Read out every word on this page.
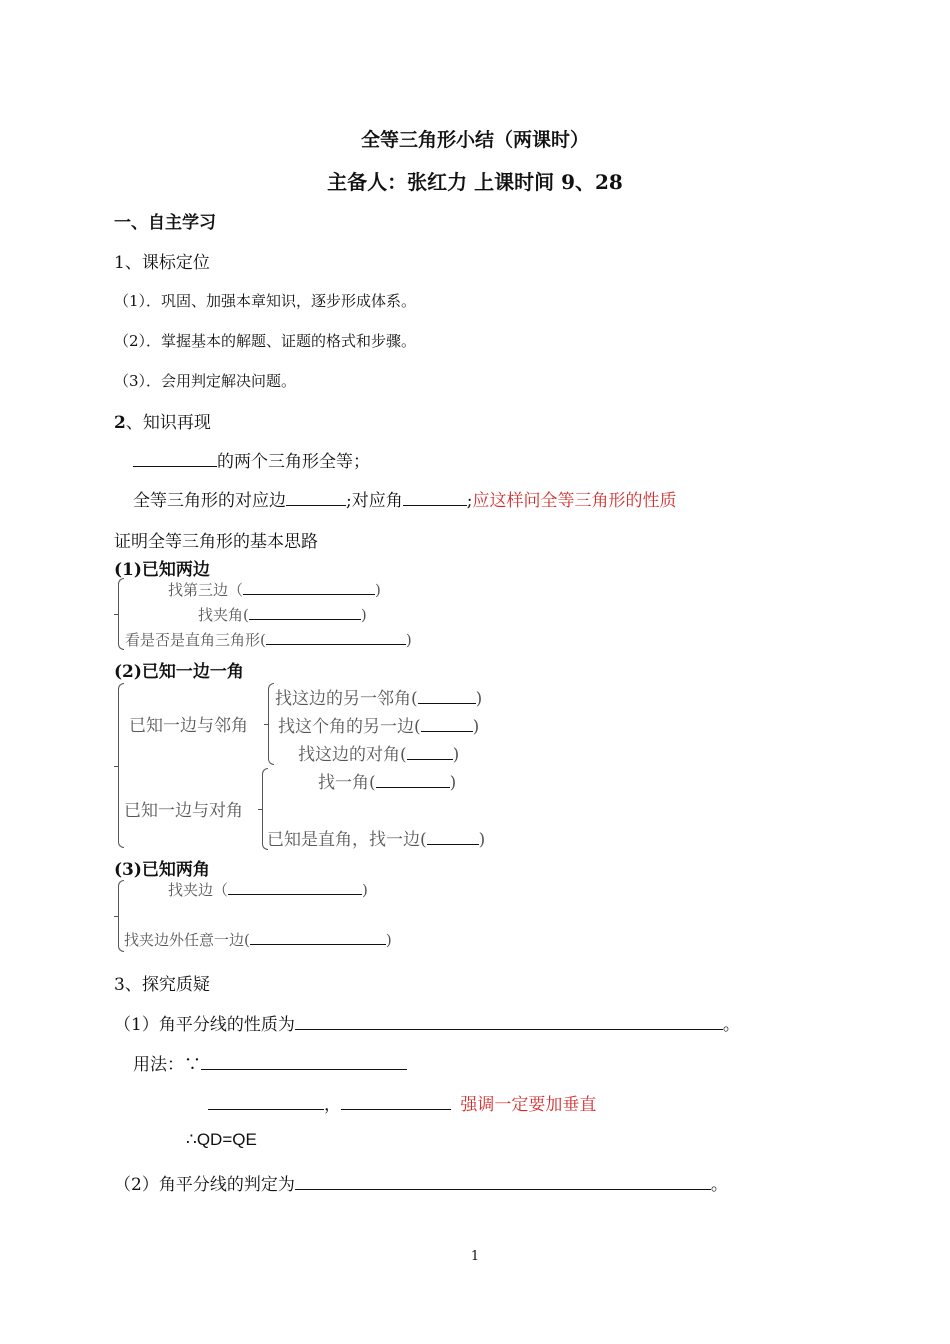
全等三角形小结（两课时）
主备人：张红力 上课时间 9、28
一、自主学习
1、课标定位
（1）．巩固、加强本章知识，逐步形成体系。
（2）．掌握基本的解题、证题的格式和步骤。
（3）．会用判定解决问题。
2、知识再现
的两个三角形全等；
全等三角形的对应边	;对应角	;应这样问全等三角形的性质
证明全等三角形的基本思路
(1)已知两边
找第三边（	)
找夹角(	)
看是否是直角三角形(	)
(2)已知一边一角
已知一边与邻角
找这边的另一邻角(	)
找这个角的另一边(	)
找这边的对角(	)
已知一边与对角
找一角(	)
已知是直角，找一边(	)
(3)已知两角
找夹边（	)
找夹边外任意一边(	)
3、探究质疑
（1）角平分线的性质为	。
用法：∵
，	强调一定要加垂直
∴QD=QE
（2）角平分线的判定为	。
1
